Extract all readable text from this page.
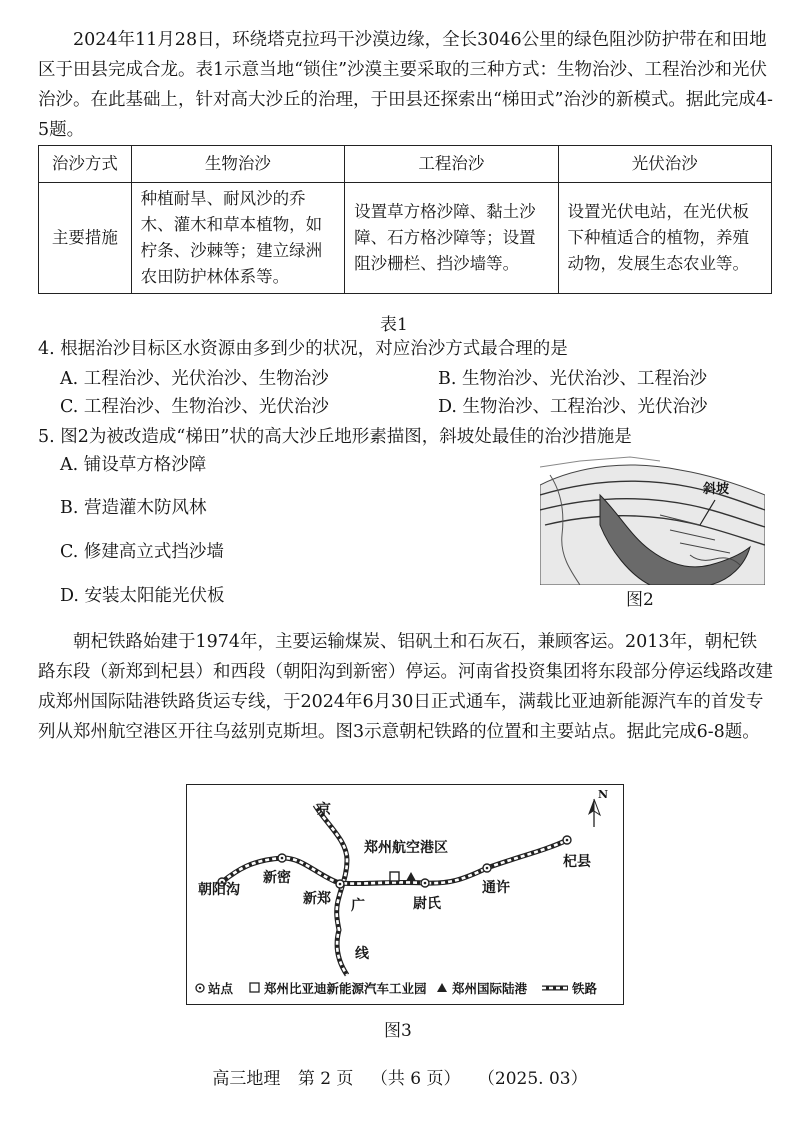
2024年11月28日，环绕塔克拉玛干沙漠边缘，全长3046公里的绿色阻沙防护带在和田地区于田县完成合龙。表1示意当地“锁住”沙漠主要采取的三种方式：生物治沙、工程治沙和光伏治沙。在此基础上，针对高大沙丘的治理，于田县还探索出“梯田式”治沙的新模式。据此完成4-5题。
治沙方式	生物治沙	工程治沙	光伏治沙
主要措施	种植耐旱、耐风沙的乔木、灌木和草本植物，如柠条、沙棘等；建立绿洲农田防护林体系等。	设置草方格沙障、黏土沙障、石方格沙障等；设置阻沙栅栏、挡沙墙等。	设置光伏电站，在光伏板下种植适合的植物，养殖动物，发展生态农业等。
表1
4. 根据治沙目标区水资源由多到少的状况，对应治沙方式最合理的是
A. 工程治沙、光伏治沙、生物治沙	B. 生物治沙、光伏治沙、工程治沙
C. 工程治沙、生物治沙、光伏治沙	D. 生物治沙、工程治沙、光伏治沙
5. 图2为被改造成“梯田”状的高大沙丘地形素描图，斜坡处最佳的治沙措施是
A. 铺设草方格沙障
B. 营造灌木防风林
C. 修建高立式挡沙墙
D. 安装太阳能光伏板
斜坡
图2
朝杞铁路始建于1974年，主要运输煤炭、铝矾土和石灰石，兼顾客运。2013年，朝杞铁路东段（新郑到杞县）和西段（朝阳沟到新密）停运。河南省投资集团将东段部分停运线路改建成郑州国际陆港铁路货运专线，于2024年6月30日正式通车，满载比亚迪新能源汽车的首发专列从郑州航空港区开往乌兹别克斯坦。图3示意朝杞铁路的位置和主要站点。据此完成6-8题。
N
京
广
线
郑州航空港区
杞县
通许
尉氏
新郑
新密
朝阳沟
站点 郑州比亚迪新能源汽车工业园 郑州国际陆港	铁路
图3
高三地理 第 2 页 （共 6 页） （2025. 03）
